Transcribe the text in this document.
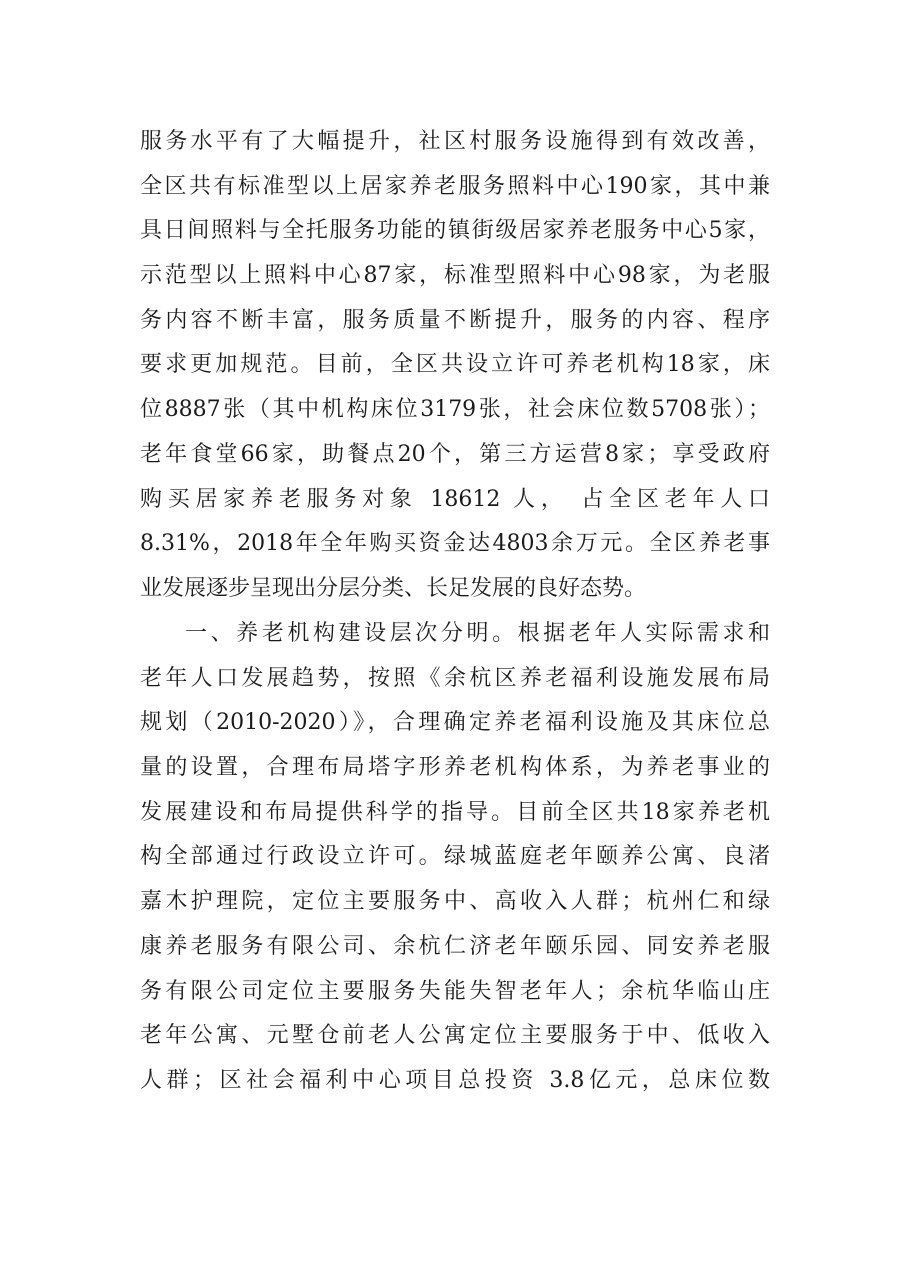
服务水平有了大幅提升，社区村服务设施得到有效改善，
全区共有标准型以上居家养老服务照料中心190家，其中兼
具日间照料与全托服务功能的镇街级居家养老服务中心5家，
示范型以上照料中心87家，标准型照料中心98家，为老服
务内容不断丰富，服务质量不断提升，服务的内容、程序
要求更加规范。目前，全区共设立许可养老机构18家，床
位8887张（其中机构床位3179张，社会床位数5708张）；
老年食堂66家，助餐点20个，第三方运营8家；享受政府
购买居家养老服务对象 18612 人， 占全区老年人口
8.31%，2018年全年购买资金达4803余万元。全区养老事
业发展逐步呈现出分层分类、长足发展的良好态势。
一、养老机构建设层次分明。根据老年人实际需求和
老年人口发展趋势，按照《余杭区养老福利设施发展布局
规划（2010-2020）》，合理确定养老福利设施及其床位总
量的设置，合理布局塔字形养老机构体系，为养老事业的
发展建设和布局提供科学的指导。目前全区共18家养老机
构全部通过行政设立许可。绿城蓝庭老年颐养公寓、良渚
嘉木护理院，定位主要服务中、高收入人群；杭州仁和绿
康养老服务有限公司、余杭仁济老年颐乐园、同安养老服
务有限公司定位主要服务失能失智老年人；余杭华临山庄
老年公寓、元墅仓前老人公寓定位主要服务于中、低收入
人群；区社会福利中心项目总投资 3.8亿元，总床位数
